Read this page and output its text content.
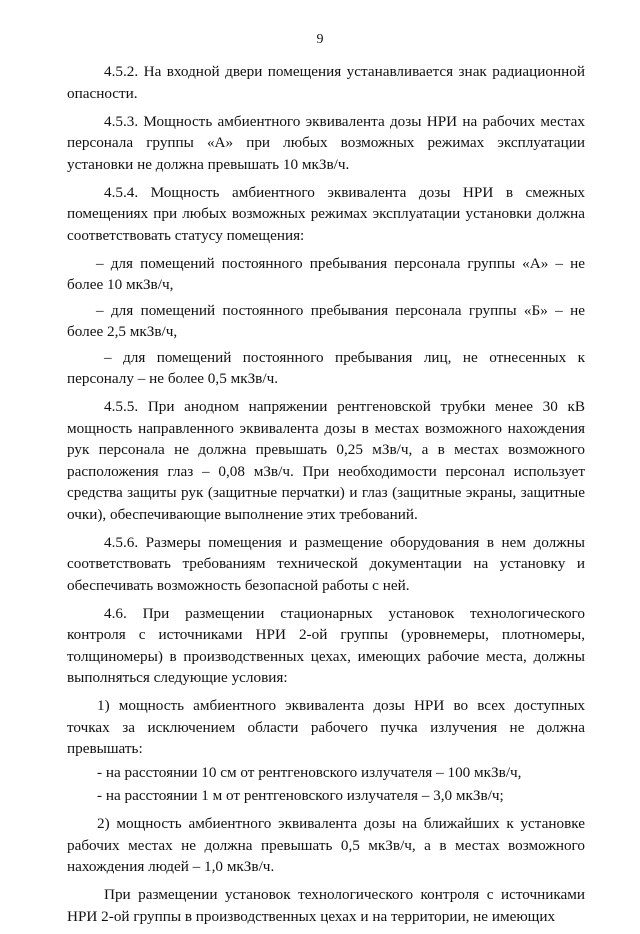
9

4.5.2. На входной двери помещения устанавливается знак радиационной опасности.

4.5.3. Мощность амбиентного эквивалента дозы НРИ на рабочих местах персонала группы «А» при любых возможных режимах эксплуатации установки не должна превышать 10 мкЗв/ч.

4.5.4. Мощность амбиентного эквивалента дозы НРИ в смежных помещениях при любых возможных режимах эксплуатации установки должна соответствовать статусу помещения:

– для помещений постоянного пребывания персонала группы «А» – не более 10 мкЗв/ч,

– для помещений постоянного пребывания персонала группы «Б» – не более 2,5 мкЗв/ч,

– для помещений постоянного пребывания лиц, не отнесенных к персоналу – не более 0,5 мкЗв/ч.

4.5.5. При анодном напряжении рентгеновской трубки менее 30 кВ мощность направленного эквивалента дозы в местах возможного нахождения рук персонала не должна превышать 0,25 мЗв/ч, а в местах возможного расположения глаз – 0,08 мЗв/ч. При необходимости персонал использует средства защиты рук (защитные перчатки) и глаз (защитные экраны, защитные очки), обеспечивающие выполнение этих требований.

4.5.6. Размеры помещения и размещение оборудования в нем должны соответствовать требованиям технической документации на установку и обеспечивать возможность безопасной работы с ней.

4.6. При размещении стационарных установок технологического контроля с источниками НРИ 2-ой группы (уровнемеры, плотномеры, толщиномеры) в производственных цехах, имеющих рабочие места, должны выполняться следующие условия:

1) мощность амбиентного эквивалента дозы НРИ во всех доступных точках за исключением области рабочего пучка излучения не должна превышать:

- на расстоянии 10 см от рентгеновского излучателя – 100 мкЗв/ч,

- на расстоянии 1 м от рентгеновского излучателя – 3,0 мкЗв/ч;

2) мощность амбиентного эквивалента дозы на ближайших к установке рабочих местах не должна превышать 0,5 мкЗв/ч, а в местах возможного нахождения людей – 1,0 мкЗв/ч.

При размещении установок технологического контроля с источниками НРИ 2-ой группы в производственных цехах и на территории, не имеющих
